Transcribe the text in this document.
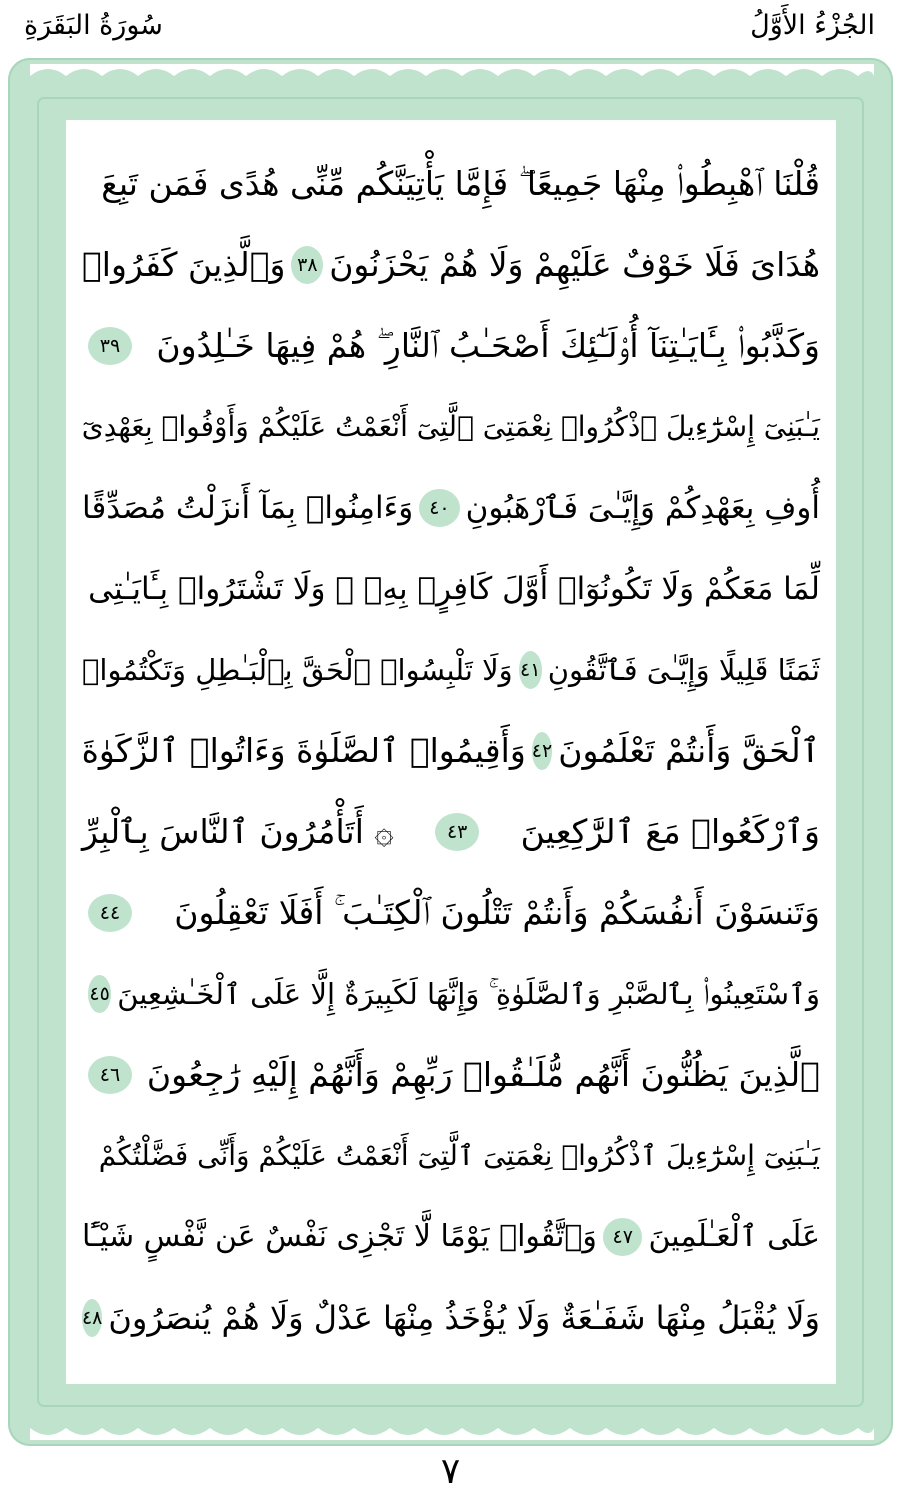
الجُزْءُ الأَوَّلُ
سُورَةُ البَقَرَةِ
قُلْنَا ٱهْبِطُوا۟ مِنْهَا جَمِيعًا ۖ فَإِمَّا يَأْتِيَنَّكُم مِّنِّى هُدًى فَمَن تَبِعَ
هُدَاىَ فَلَا خَوْفٌ عَلَيْهِمْ وَلَا هُمْ يَحْزَنُونَ
٣٨
وَٱلَّذِينَ كَفَرُوا۟
وَكَذَّبُوا۟ بِـَٔايَـٰتِنَآ أُو۟لَـٰٓئِكَ أَصْحَـٰبُ ٱلنَّارِ ۖ هُمْ فِيهَا خَـٰلِدُونَ
٣٩
يَـٰبَنِىٓ إِسْرَٰٓءِيلَ ٱذْكُرُوا۟ نِعْمَتِىَ ٱلَّتِىٓ أَنْعَمْتُ عَلَيْكُمْ وَأَوْفُوا۟ بِعَهْدِىٓ
أُوفِ بِعَهْدِكُمْ وَإِيَّـٰىَ فَٱرْهَبُونِ
٤٠
وَءَامِنُوا۟ بِمَآ أَنزَلْتُ مُصَدِّقًا
لِّمَا مَعَكُمْ وَلَا تَكُونُوٓا۟ أَوَّلَ كَافِرٍۭ بِهِۦ ۖ وَلَا تَشْتَرُوا۟ بِـَٔايَـٰتِى
ثَمَنًا قَلِيلًا وَإِيَّـٰىَ فَٱتَّقُونِ
٤١
وَلَا تَلْبِسُوا۟ ٱلْحَقَّ بِٱلْبَـٰطِلِ وَتَكْتُمُوا۟
ٱلْحَقَّ وَأَنتُمْ تَعْلَمُونَ
٤٢
وَأَقِيمُوا۟ ٱلصَّلَوٰةَ وَءَاتُوا۟ ٱلزَّكَوٰةَ
وَٱرْكَعُوا۟ مَعَ ٱلرَّٰكِعِينَ
٤٣
۞ أَتَأْمُرُونَ ٱلنَّاسَ بِٱلْبِرِّ
وَتَنسَوْنَ أَنفُسَكُمْ وَأَنتُمْ تَتْلُونَ ٱلْكِتَـٰبَ ۚ أَفَلَا تَعْقِلُونَ
٤٤
وَٱسْتَعِينُوا۟ بِٱلصَّبْرِ وَٱلصَّلَوٰةِ ۚ وَإِنَّهَا لَكَبِيرَةٌ إِلَّا عَلَى ٱلْخَـٰشِعِينَ
٤٥
ٱلَّذِينَ يَظُنُّونَ أَنَّهُم مُّلَـٰقُوا۟ رَبِّهِمْ وَأَنَّهُمْ إِلَيْهِ رَٰجِعُونَ
٤٦
يَـٰبَنِىٓ إِسْرَٰٓءِيلَ ٱذْكُرُوا۟ نِعْمَتِىَ ٱلَّتِىٓ أَنْعَمْتُ عَلَيْكُمْ وَأَنِّى فَضَّلْتُكُمْ
عَلَى ٱلْعَـٰلَمِينَ
٤٧
وَٱتَّقُوا۟ يَوْمًا لَّا تَجْزِى نَفْسٌ عَن نَّفْسٍ شَيْـًٔا
وَلَا يُقْبَلُ مِنْهَا شَفَـٰعَةٌ وَلَا يُؤْخَذُ مِنْهَا عَدْلٌ وَلَا هُمْ يُنصَرُونَ
٤٨
٧
